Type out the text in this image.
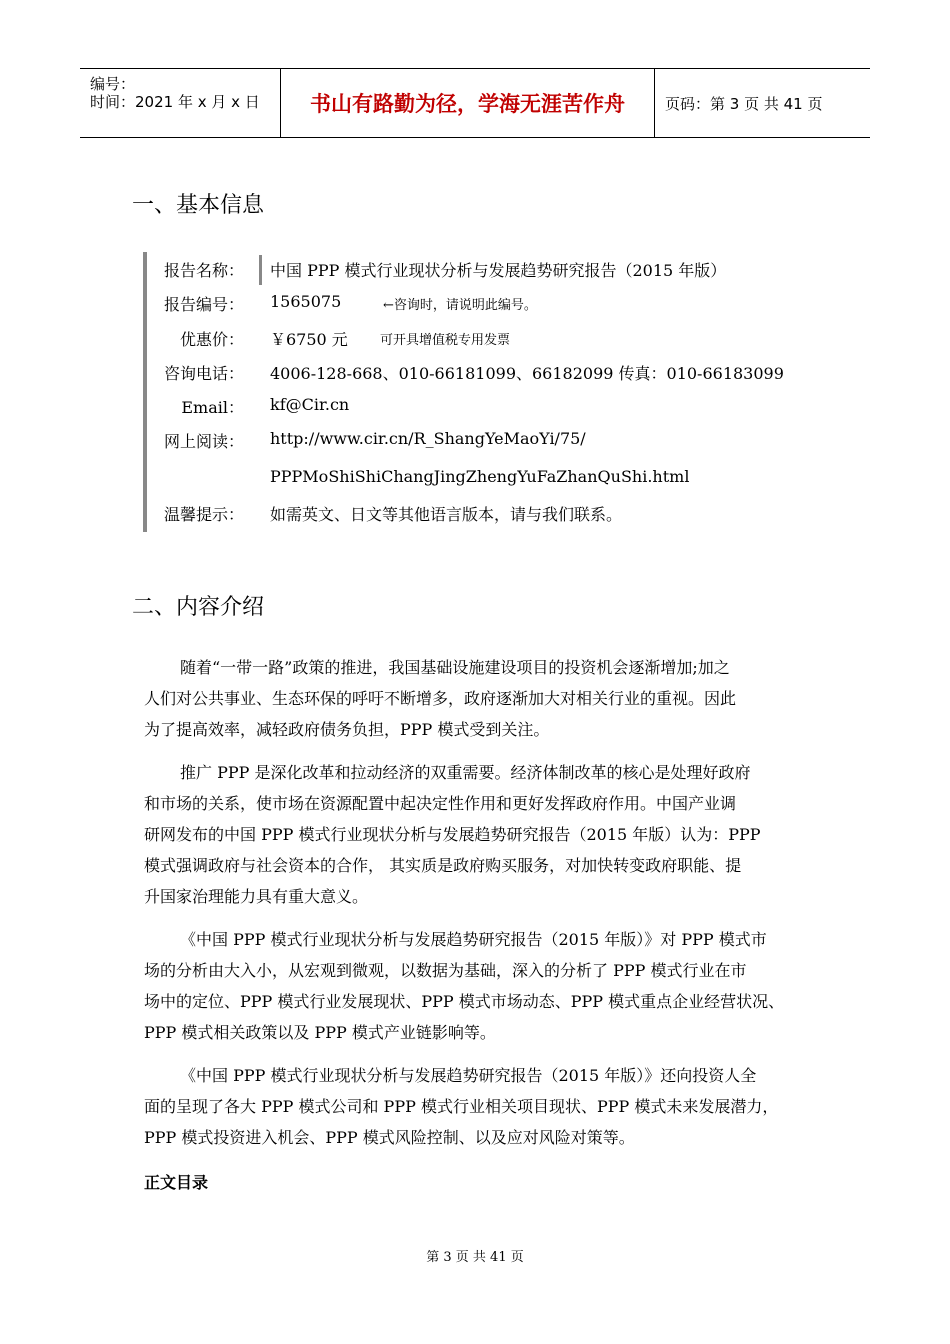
编号：
时间：2021 年 x 月 x 日	书山有路勤为径，学海无涯苦作舟	页码：第 3 页 共 41 页
一、基本信息
报告名称： 中国 PPP 模式行业现状分析与发展趋势研究报告（2015 年版）
报告编号： 1565075	←咨询时，请说明此编号。
优惠价： ￥6750 元 可开具增值税专用发票
咨询电话： 4006-128-668、010-66181099、66182099 传真：010-66183099
Email： kf@Cir.cn
网上阅读： http://www.cir.cn/R_ShangYeMaoYi/75/
PPPMoShiShiChangJingZhengYuFaZhanQuShi.html
温馨提示： 如需英文、日文等其他语言版本，请与我们联系。
二、内容介绍
随着“一带一路”政策的推进，我国基础设施建设项目的投资机会逐渐增加;加之
人们对公共事业、生态环保的呼吁不断增多，政府逐渐加大对相关行业的重视。因此
为了提高效率，减轻政府债务负担，PPP 模式受到关注。
推广 PPP 是深化改革和拉动经济的双重需要。经济体制改革的核心是处理好政府
和市场的关系，使市场在资源配置中起决定性作用和更好发挥政府作用。中国产业调
研网发布的中国 PPP 模式行业现状分析与发展趋势研究报告（2015 年版）认为：PPP
模式强调政府与社会资本的合作， 其实质是政府购买服务，对加快转变政府职能、提
升国家治理能力具有重大意义。
《中国 PPP 模式行业现状分析与发展趋势研究报告（2015 年版）》对 PPP 模式市
场的分析由大入小，从宏观到微观，以数据为基础，深入的分析了 PPP 模式行业在市
场中的定位、PPP 模式行业发展现状、PPP 模式市场动态、PPP 模式重点企业经营状况、
PPP 模式相关政策以及 PPP 模式产业链影响等。
《中国 PPP 模式行业现状分析与发展趋势研究报告（2015 年版）》还向投资人全
面的呈现了各大 PPP 模式公司和 PPP 模式行业相关项目现状、PPP 模式未来发展潜力，
PPP 模式投资进入机会、PPP 模式风险控制、以及应对风险对策等。
正文目录
第 3 页 共 41 页
